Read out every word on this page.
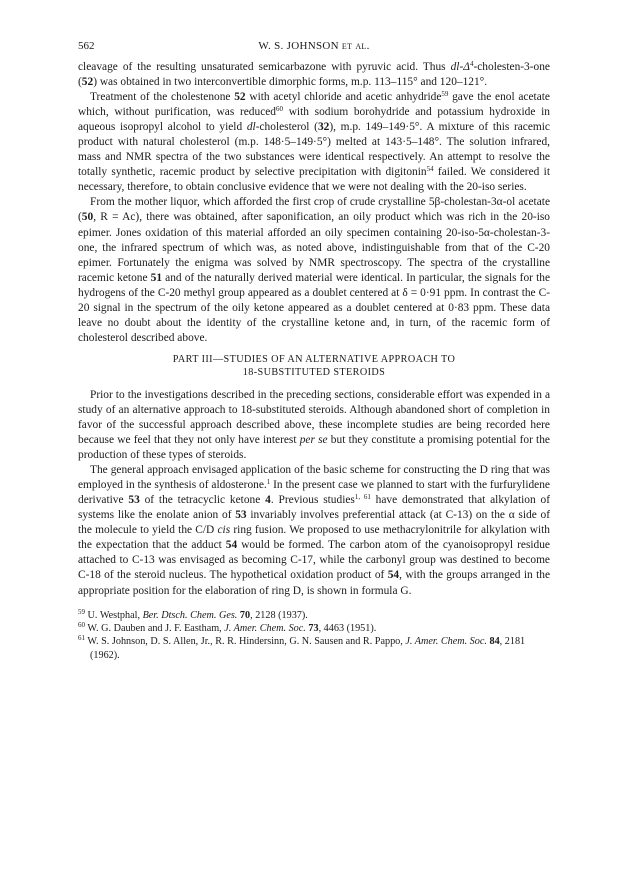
562	W. S. JOHNSON et al.

cleavage of the resulting unsaturated semicarbazone with pyruvic acid. Thus $dl-\Delta^4-cholesten-3$-one (52) was obtained in two interconvertible dimorphic forms, m.p. 113–115° and 120–121°.

Treatment of the cholestenone 52 with acetyl chloride and acetic anhydride$^{59}$ gave the enol acetate which, without purification, was reduced$^{60}$ with sodium borohydride and potassium hydroxide in aqueous isopropyl alcohol to yield dl-cholesterol (32), m.p. 149–149·5°. A mixture of this racemic product with natural cholesterol (m.p. 148·5–149·5°) melted at 143·5–148°. The solution infrared, mass and NMR spectra of the two substances were identical respectively. An attempt to resolve the totally synthetic, racemic product by selective precipitation with digitonin$^{54}$ failed. We considered it necessary, therefore, to obtain conclusive evidence that we were not dealing with the 20-iso series.

From the mother liquor, which afforded the first crop of crude crystalline 5β-cholestan-3α-ol acetate (50, R = Ac), there was obtained, after saponification, an oily product which was rich in the 20-iso epimer. Jones oxidation of this material afforded an oily specimen containing 20-iso-5α-cholestan-3-one, the infrared spectrum of which was, as noted above, indistinguishable from that of the C-20 epimer. Fortunately the enigma was solved by NMR spectroscopy. The spectra of the crystalline racemic ketone 51 and of the naturally derived material were identical. In particular, the signals for the hydrogens of the C-20 methyl group appeared as a doublet centered at δ = 0·91 ppm. In contrast the C-20 signal in the spectrum of the oily ketone appeared as a doublet centered at 0·83 ppm. These data leave no doubt about the identity of the crystalline ketone and, in turn, of the racemic form of cholesterol described above.

PART III—STUDIES OF AN ALTERNATIVE APPROACH TO
18-SUBSTITUTED STEROIDS

Prior to the investigations described in the preceding sections, considerable effort was expended in a study of an alternative approach to 18-substituted steroids. Although abandoned short of completion in favor of the successful approach described above, these incomplete studies are being recorded here because we feel that they not only have interest per se but they constitute a promising potential for the production of these types of steroids.

The general approach envisaged application of the basic scheme for constructing the D ring that was employed in the synthesis of aldosterone.$^1$ In the present case we planned to start with the furfurylidene derivative 53 of the tetracyclic ketone 4. Previous studies$^{1, 61}$ have demonstrated that alkylation of systems like the enolate anion of 53 invariably involves preferential attack (at C-13) on the α side of the molecule to yield the C/D cis ring fusion. We proposed to use methacrylonitrile for alkylation with the expectation that the adduct 54 would be formed. The carbon atom of the cyanoisopropyl residue attached to C-13 was envisaged as becoming C-17, while the carbonyl group was destined to become C-18 of the steroid nucleus. The hypothetical oxidation product of 54, with the groups arranged in the appropriate position for the elaboration of ring D, is shown in formula G.

$^{59}$ U. Westphal, Ber. Dtsch. Chem. Ges. 70, 2128 (1937).

$^{60}$ W. G. Dauben and J. F. Eastham, J. Amer. Chem. Soc. 73, 4463 (1951).

$^{61}$ W. S. Johnson, D. S. Allen, Jr., R. R. Hindersinn, G. N. Sausen and R. Pappo, J. Amer. Chem. Soc. 84, 2181 (1962).
